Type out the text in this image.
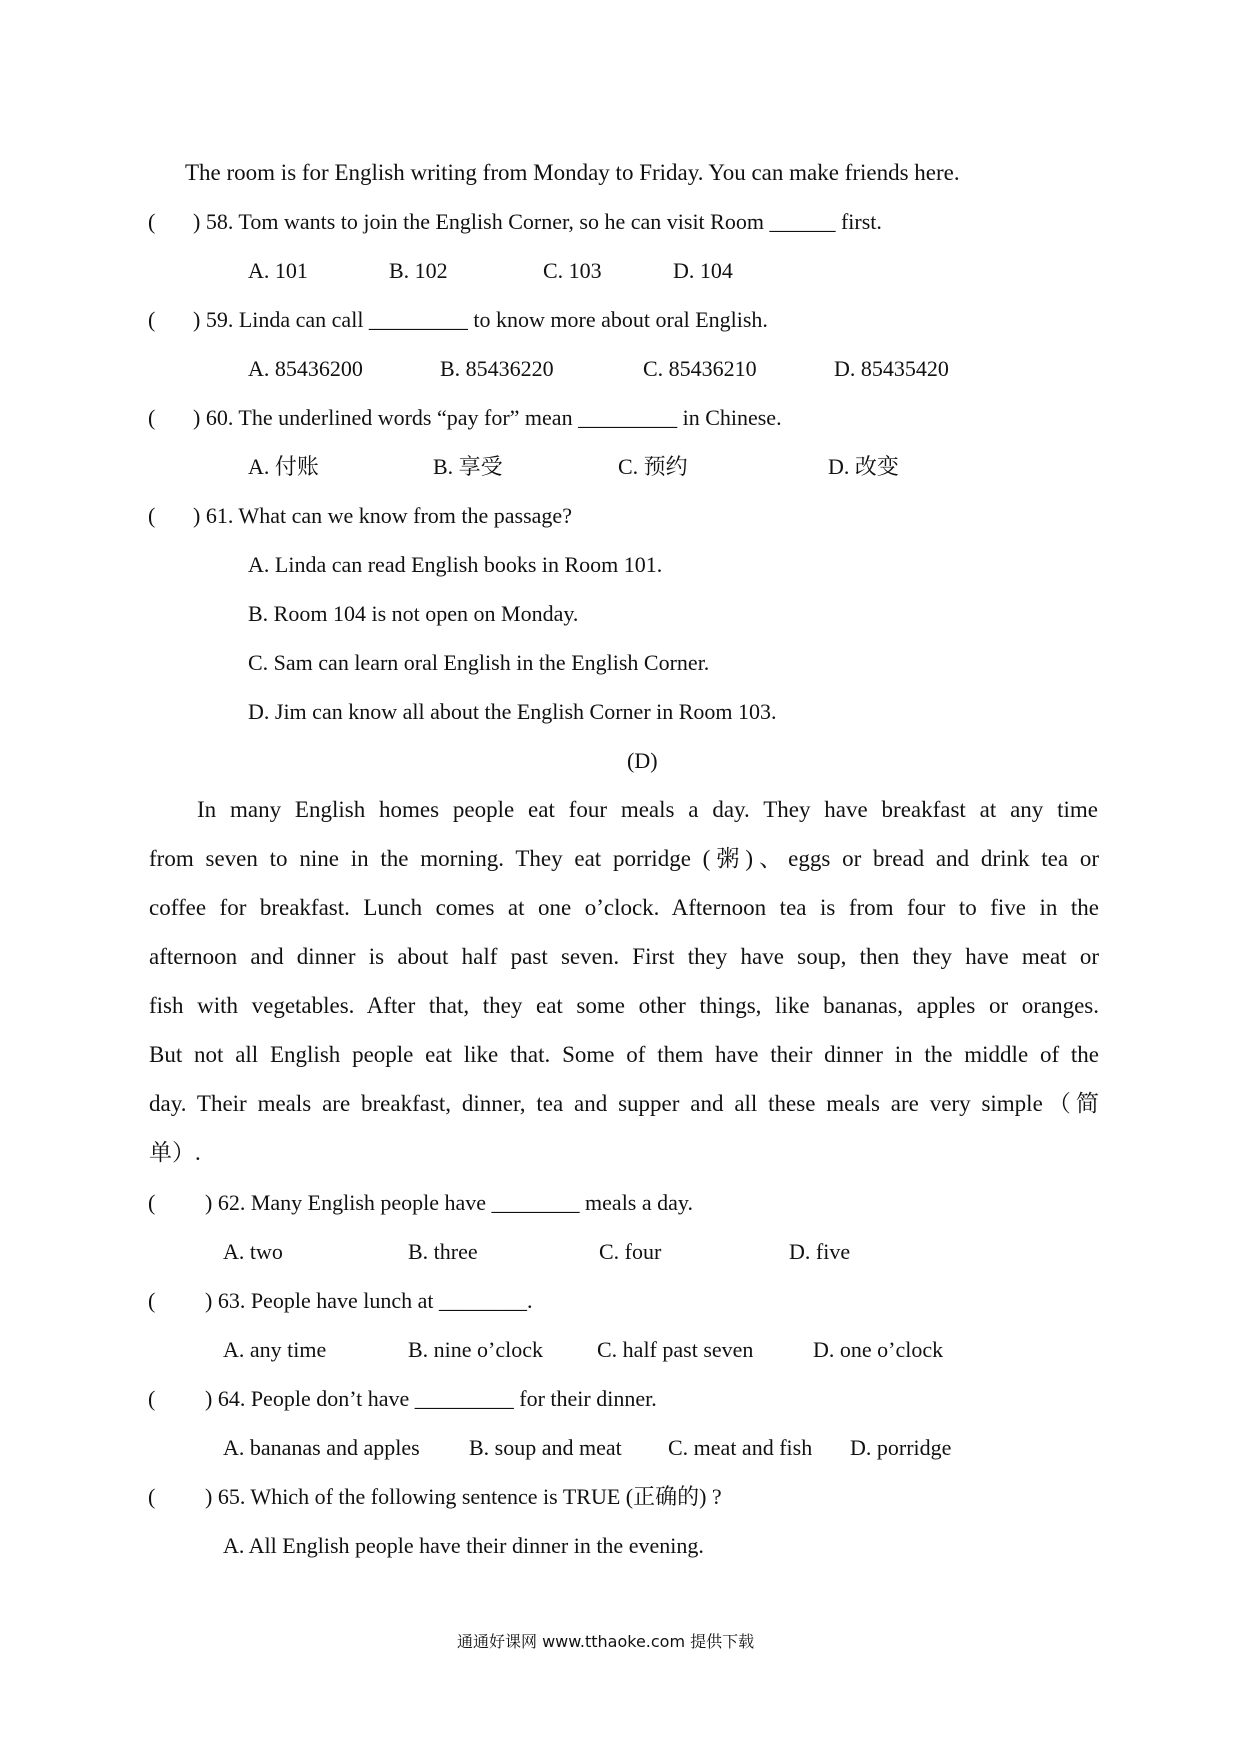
The room is for English writing from Monday to Friday. You can make friends here.
( ) 58. Tom wants to join the English Corner, so he can visit Room ______ first.
A. 101	B. 102	C. 103	D. 104
( ) 59. Linda can call _________ to know more about oral English.
A. 85436200	B. 85436220	C. 85436210	D. 85435420
( ) 60. The underlined words “pay for” mean _________ in Chinese.
A. 付账	B. 享受	C. 预约	D. 改变
( ) 61. What can we know from the passage?
A. Linda can read English books in Room 101.
B. Room 104 is not open on Monday.
C. Sam can learn oral English in the English Corner.
D. Jim can know all about the English Corner in Room 103.
(D)
In many English homes people eat four meals a day. They have breakfast at any time
from seven to nine in the morning. They eat porridge (粥)、eggs or bread and drink tea or
coffee for breakfast. Lunch comes at one o’clock. Afternoon tea is from four to five in the
afternoon and dinner is about half past seven. First they have soup, then they have meat or
fish with vegetables. After that, they eat some other things, like bananas, apples or oranges.
But not all English people eat like that. Some of them have their dinner in the middle of the
day. Their meals are breakfast, dinner, tea and supper and all these meals are very simple（简
单）.
( ) 62. Many English people have ________ meals a day.
A. two	B. three	C. four	D. five
( ) 63. People have lunch at ________.
A. any time	B. nine o’clock C. half past seven	D. one o’clock
( ) 64. People don’t have _________ for their dinner.
A. bananas and apples B. soup and meat C. meat and fish D. porridge
( ) 65. Which of the following sentence is TRUE (正确的) ?
A. All English people have their dinner in the evening.
通通好课网 www.tthaoke.com 提供下载
